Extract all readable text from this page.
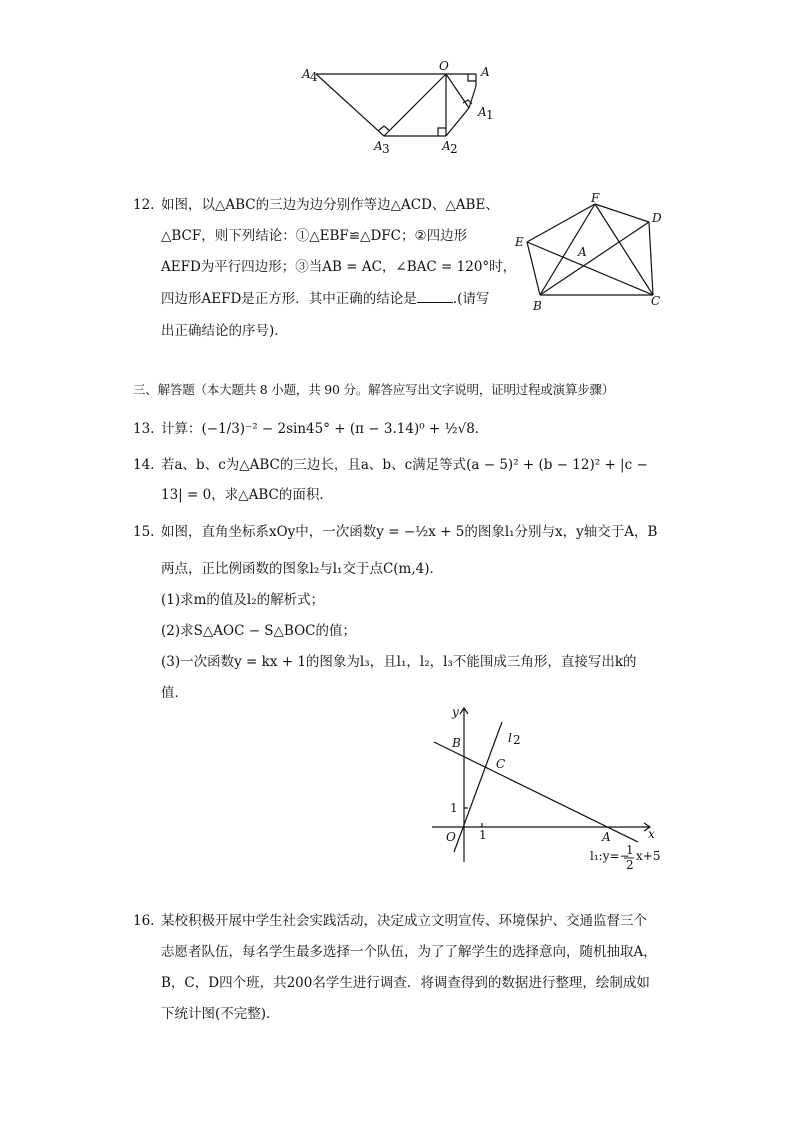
A 4
O	A
A 1
A 3	A 2
12. 如图，以△ABC的三边为边分别作等边△ACD、△ABE、
△BCF，则下列结论：①△EBF≌△DFC；②四边形
AEFD为平行四边形；③当AB = AC，∠BAC = 120°时，
四边形AEFD是正方形．其中正确的结论是	.(请写
出正确结论的序号)．
F
D
E
A
B	C
三、解答题（本大题共 8 小题，共 90 分。解答应写出文字说明，证明过程或演算步骤）
13. 计算：(−1/3)⁻² − 2sin45° + (π − 3.14)⁰ + ½√8．
14. 若a、b、c为△ABC的三边长，且a、b、c满足等式(a − 5)² + (b − 12)² + |c −
13| = 0，求△ABC的面积．
15. 如图，直角坐标系xOy中，一次函数y = −½x + 5的图象l₁分别与x，y轴交于A，B
两点，正比例函数的图象l₂与l₁交于点C(m,4)．
(1)求m的值及l₂的解析式；
(2)求S△AOC − S△BOC的值；
(3)一次函数y = kx + 1的图象为l₃，且l₁，l₂，l₃不能围成三角形，直接写出k的
值．
y
x
B
C
l 2
1
1
O	A
l₁:y=−
1
2
x+5
16. 某校积极开展中学生社会实践活动，决定成立文明宣传、环境保护、交通监督三个
志愿者队伍，每名学生最多选择一个队伍，为了了解学生的选择意向，随机抽取A，
B，C，D四个班，共200名学生进行调查．将调查得到的数据进行整理，绘制成如
下统计图(不完整)．
